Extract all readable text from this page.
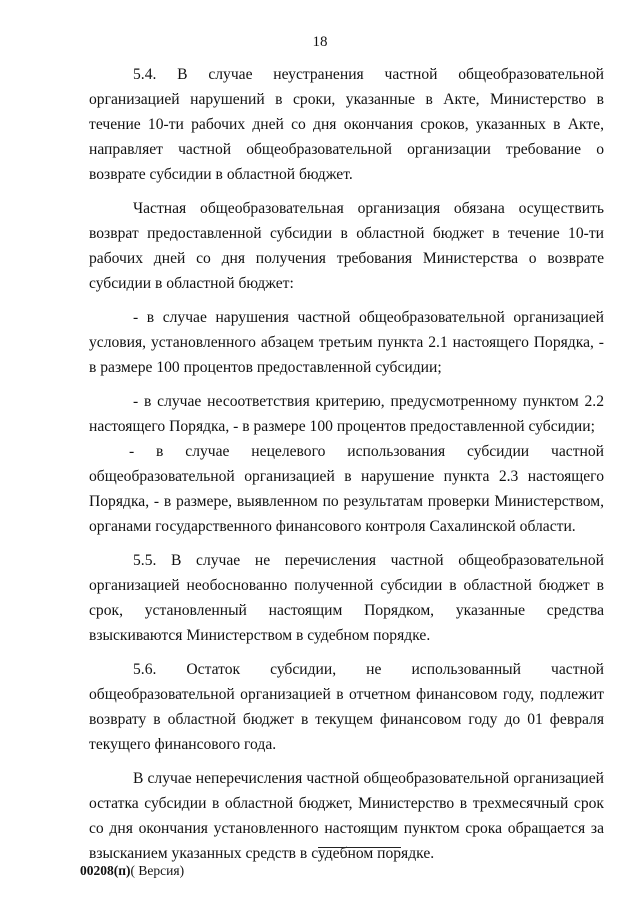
18

5.4. В случае неустранения частной общеобразовательной организацией нарушений в сроки, указанные в Акте, Министерство в течение 10-ти рабочих дней со дня окончания сроков, указанных в Акте, направляет частной общеобразовательной организации требование о возврате субсидии в областной бюджет.

Частная общеобразовательная организация обязана осуществить возврат предоставленной субсидии в областной бюджет в течение 10-ти рабочих дней со дня получения требования Министерства о возврате субсидии в областной бюджет:

- в случае нарушения частной общеобразовательной организацией условия, установленного абзацем третьим пункта 2.1 настоящего Порядка, - в размере 100 процентов предоставленной субсидии;

- в случае несоответствия критерию, предусмотренному пунктом 2.2 настоящего Порядка, - в размере 100 процентов предоставленной субсидии;

- в случае нецелевого использования субсидии частной общеобразовательной организацией в нарушение пункта 2.3 настоящего Порядка, - в размере, выявленном по результатам проверки Министерством, органами государственного финансового контроля Сахалинской области.

5.5. В случае не перечисления частной общеобразовательной организацией необоснованно полученной субсидии в областной бюджет в срок, установленный настоящим Порядком, указанные средства взыскиваются Министерством в судебном порядке.

5.6. Остаток субсидии, не использованный частной общеобразовательной организацией в отчетном финансовом году, подлежит возврату в областной бюджет в текущем финансовом году до 01 февраля текущего финансового года.

В случае неперечисления частной общеобразовательной организацией остатка субсидии в областной бюджет, Министерство в трехмесячный срок со дня окончания установленного настоящим пунктом срока обращается за взысканием указанных средств в судебном порядке.

00208(п)( Версия)
